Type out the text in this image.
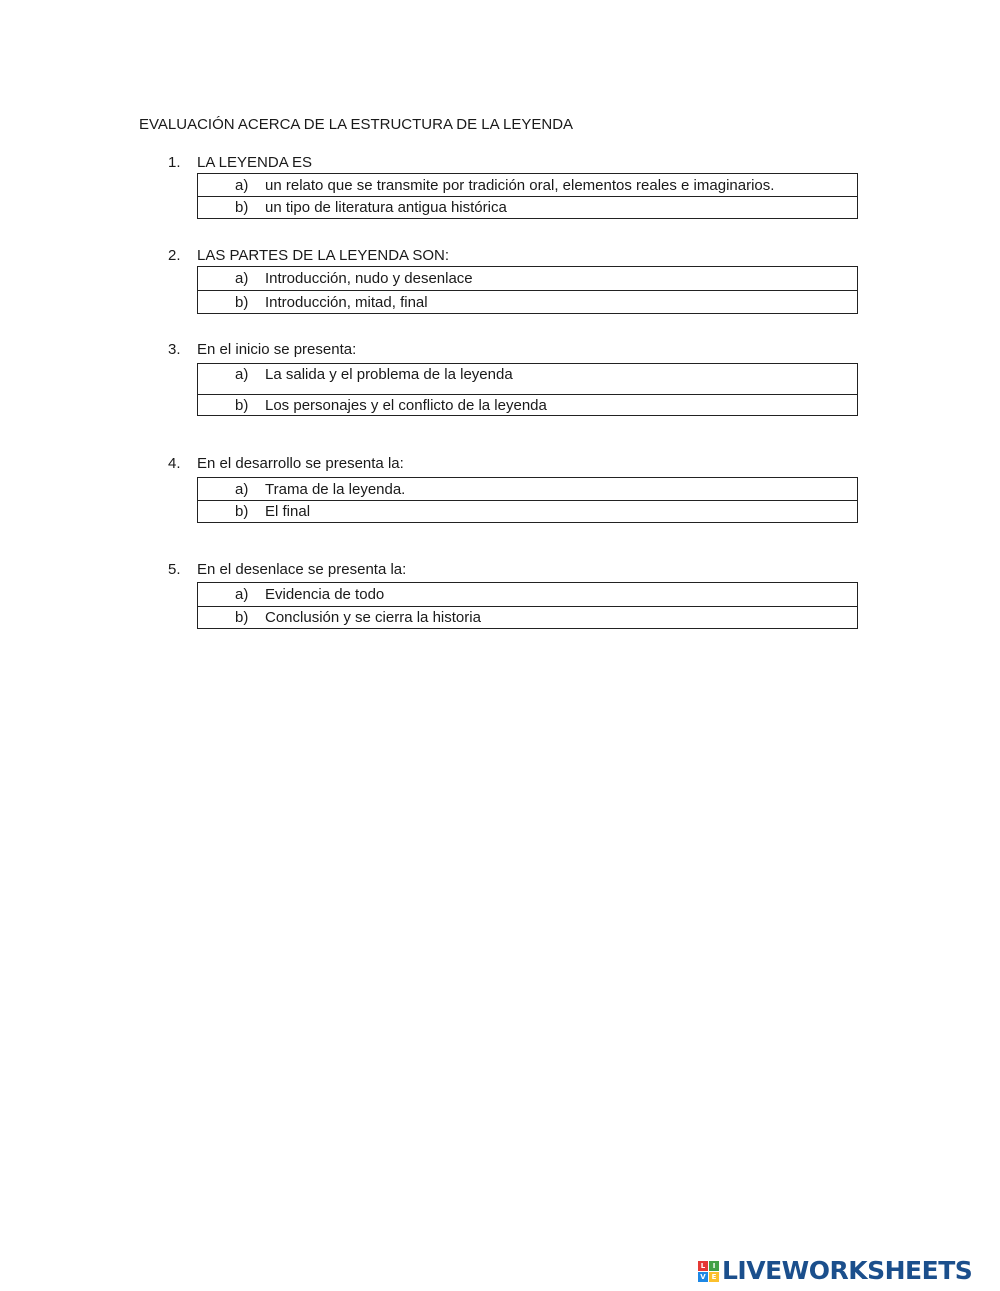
EVALUACIÓN ACERCA DE LA ESTRUCTURA DE LA LEYENDA
1.	LA LEYENDA ES
a)	un relato que se transmite por tradición oral, elementos reales e imaginarios.
b)	un tipo de literatura antigua histórica
2.	LAS PARTES DE LA LEYENDA SON:
a)	Introducción, nudo y desenlace
b)	Introducción, mitad, final
3.	En el inicio se presenta:
a)	La salida y el problema de la leyenda
b)	Los personajes y el conflicto de la leyenda
4.	En el desarrollo se presenta la:
a)	Trama de la leyenda.
b)	El final
5.	En el desenlace se presenta la:
a)	Evidencia de todo
b)	Conclusión y se cierra la historia
L	I
V E LIVEWORKSHEETS
